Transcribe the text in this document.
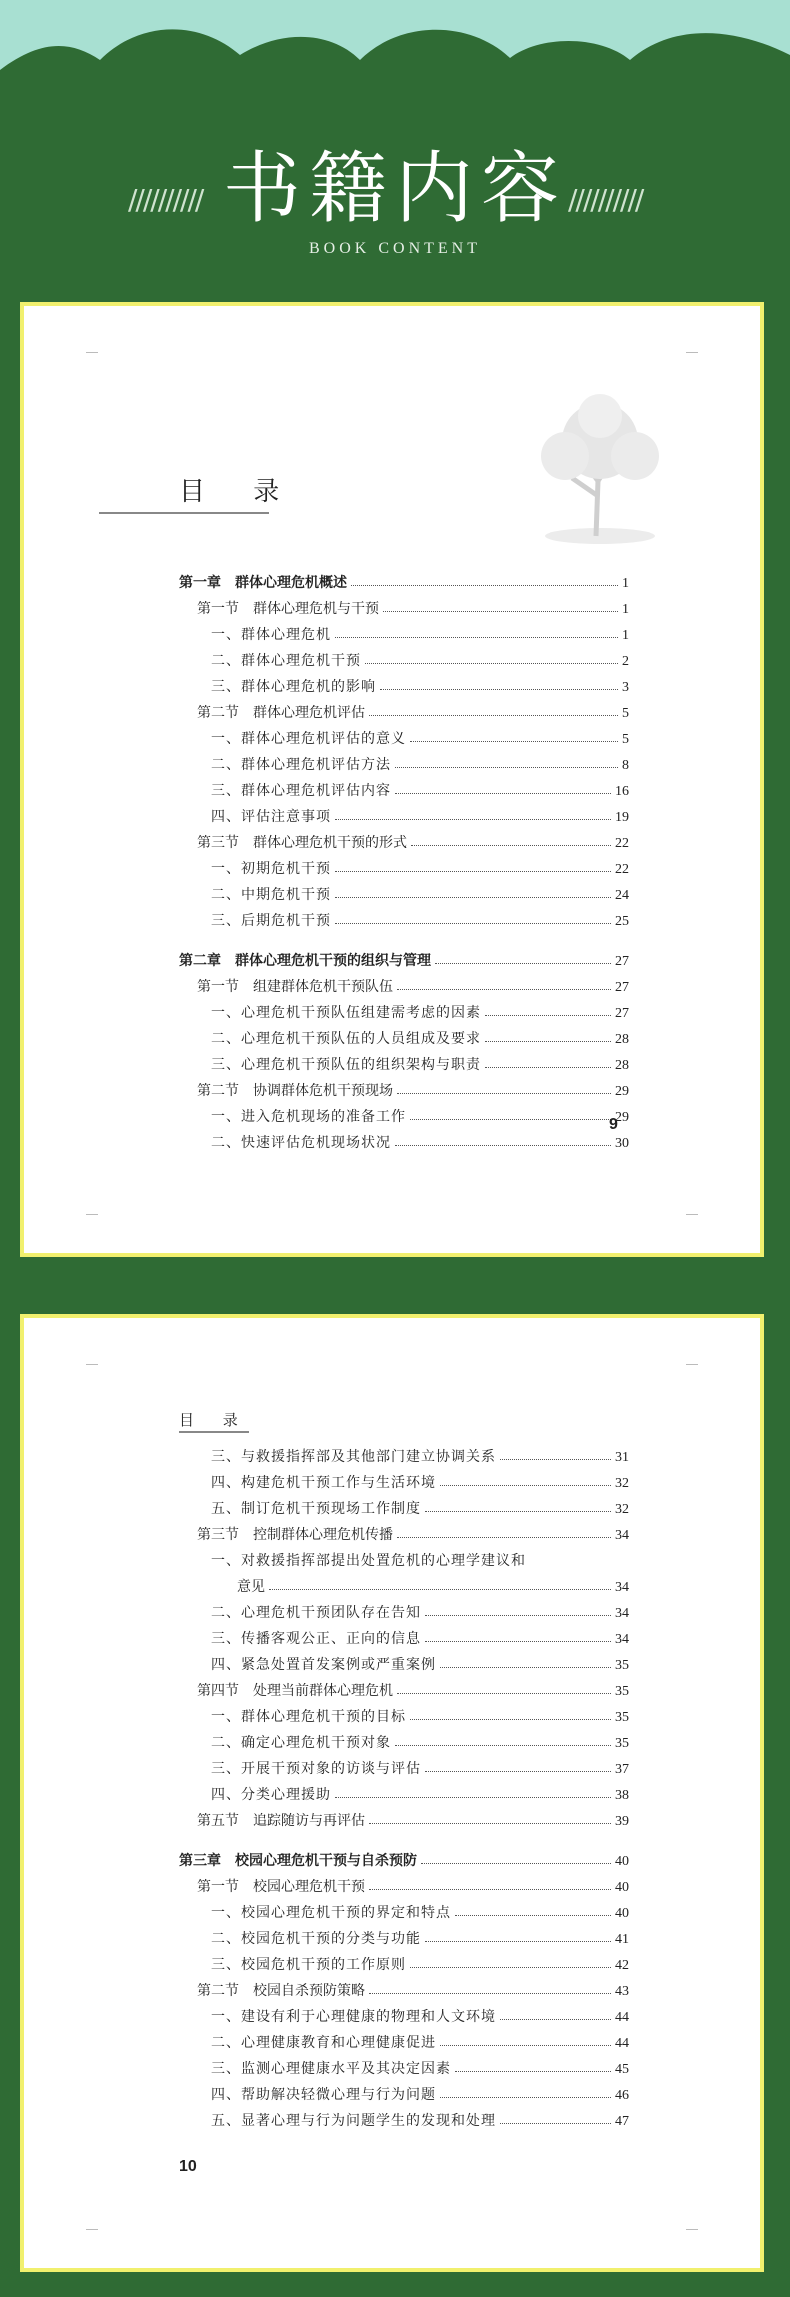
////////// 书籍内容 //////////
BOOK CONTENT
目 录
第一章　群体心理危机概述	1
第一节　群体心理危机与干预	1
一、群体心理危机	1
二、群体心理危机干预	2
三、群体心理危机的影响	3
第二节　群体心理危机评估	5
一、群体心理危机评估的意义	5
二、群体心理危机评估方法	8
三、群体心理危机评估内容	16
四、评估注意事项	19
第三节　群体心理危机干预的形式	22
一、初期危机干预	22
二、中期危机干预	24
三、后期危机干预	25
第二章　群体心理危机干预的组织与管理	27
第一节　组建群体危机干预队伍	27
一、心理危机干预队伍组建需考虑的因素	27
二、心理危机干预队伍的人员组成及要求	28
三、心理危机干预队伍的组织架构与职责	28
第二节　协调群体危机干预现场	29
一、进入危机现场的准备工作	29
二、快速评估危机现场状况	30
9
目 录
三、与救援指挥部及其他部门建立协调关系	31
四、构建危机干预工作与生活环境	32
五、制订危机干预现场工作制度	32
第三节　控制群体心理危机传播	34
一、对救援指挥部提出处置危机的心理学建议和
意见	34
二、心理危机干预团队存在告知	34
三、传播客观公正、正向的信息	34
四、紧急处置首发案例或严重案例	35
第四节　处理当前群体心理危机	35
一、群体心理危机干预的目标	35
二、确定心理危机干预对象	35
三、开展干预对象的访谈与评估	37
四、分类心理援助	38
第五节　追踪随访与再评估	39
第三章　校园心理危机干预与自杀预防	40
第一节　校园心理危机干预	40
一、校园心理危机干预的界定和特点	40
二、校园危机干预的分类与功能	41
三、校园危机干预的工作原则	42
第二节　校园自杀预防策略	43
一、建设有利于心理健康的物理和人文环境	44
二、心理健康教育和心理健康促进	44
三、监测心理健康水平及其决定因素	45
四、帮助解决轻微心理与行为问题	46
五、显著心理与行为问题学生的发现和处理	47
10
